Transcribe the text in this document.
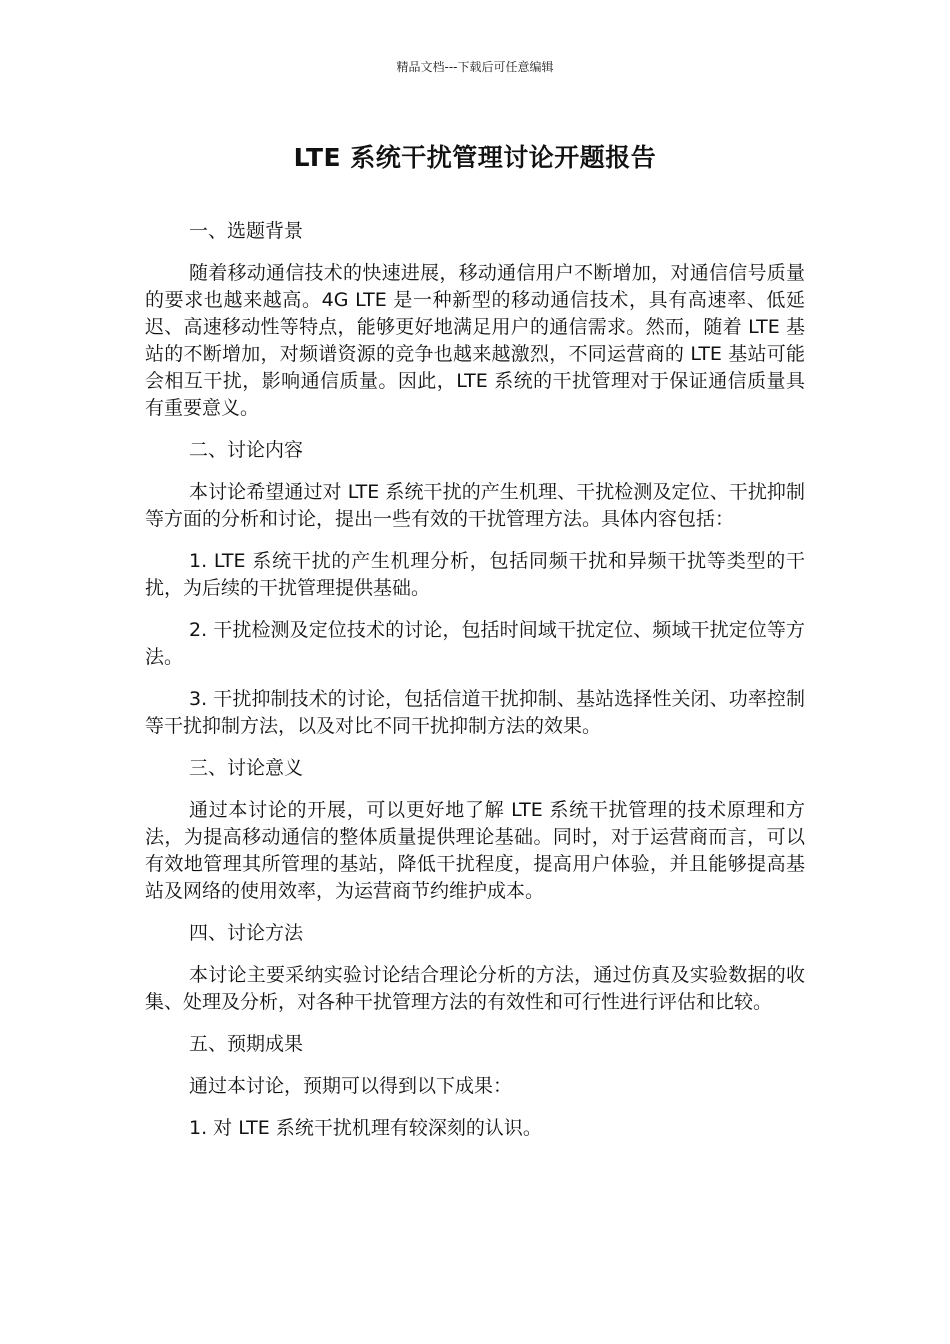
精品文档---下载后可任意编辑
LTE 系统干扰管理讨论开题报告

一、选题背景

随着移动通信技术的快速进展，移动通信用户不断增加，对通信信号质量的要求也越来越高。4G LTE 是一种新型的移动通信技术，具有高速率、低延迟、高速移动性等特点，能够更好地满足用户的通信需求。然而，随着 LTE 基站的不断增加，对频谱资源的竞争也越来越激烈，不同运营商的 LTE 基站可能会相互干扰，影响通信质量。因此，LTE 系统的干扰管理对于保证通信质量具有重要意义。

二、讨论内容

本讨论希望通过对 LTE 系统干扰的产生机理、干扰检测及定位、干扰抑制等方面的分析和讨论，提出一些有效的干扰管理方法。具体内容包括：

1. LTE 系统干扰的产生机理分析，包括同频干扰和异频干扰等类型的干扰，为后续的干扰管理提供基础。

2. 干扰检测及定位技术的讨论，包括时间域干扰定位、频域干扰定位等方法。

3. 干扰抑制技术的讨论，包括信道干扰抑制、基站选择性关闭、功率控制等干扰抑制方法，以及对比不同干扰抑制方法的效果。

三、讨论意义

通过本讨论的开展，可以更好地了解 LTE 系统干扰管理的技术原理和方法，为提高移动通信的整体质量提供理论基础。同时，对于运营商而言，可以有效地管理其所管理的基站，降低干扰程度，提高用户体验，并且能够提高基站及网络的使用效率，为运营商节约维护成本。

四、讨论方法

本讨论主要采纳实验讨论结合理论分析的方法，通过仿真及实验数据的收集、处理及分析，对各种干扰管理方法的有效性和可行性进行评估和比较。

五、预期成果

通过本讨论，预期可以得到以下成果：

1. 对 LTE 系统干扰机理有较深刻的认识。
